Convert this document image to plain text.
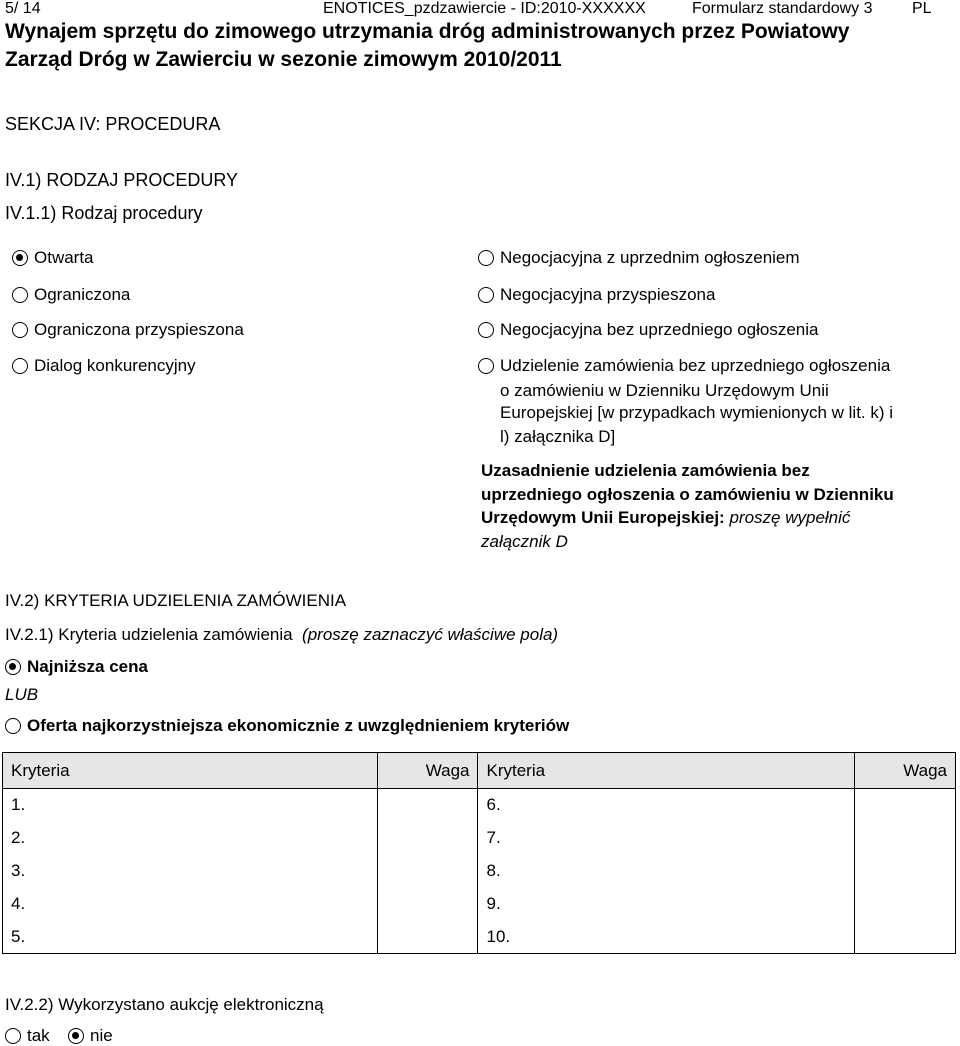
5/ 14	ENOTICES_pzdzawiercie - ID:2010-XXXXXX	Formularz standardowy 3 PL
Wynajem sprzętu do zimowego utrzymania dróg administrowanych przez Powiatowy
Zarząd Dróg w Zawierciu w sezonie zimowym 2010/2011
SEKCJA IV: PROCEDURA
IV.1) RODZAJ PROCEDURY
IV.1.1) Rodzaj procedury
Otwarta
Ograniczona
Ograniczona przyspieszona
Dialog konkurencyjny
Negocjacyjna z uprzednim ogłoszeniem
Negocjacyjna przyspieszona
Negocjacyjna bez uprzedniego ogłoszenia
Udzielenie zamówienia bez uprzedniego ogłoszenia
o zamówieniu w Dzienniku Urzędowym Unii
Europejskiej [w przypadkach wymienionych w lit. k) i
l) załącznika D]
Uzasadnienie udzielenia zamówienia bez
uprzedniego ogłoszenia o zamówieniu w Dzienniku
Urzędowym Unii Europejskiej: proszę wypełnić
załącznik D
IV.2) KRYTERIA UDZIELENIA ZAMÓWIENIA
IV.2.1) Kryteria udzielenia zamówienia (proszę zaznaczyć właściwe pola)
Najniższa cena
LUB
Oferta najkorzystniejsza ekonomicznie z uwzględnieniem kryteriów
Kryteria	Waga	Kryteria	Waga
1.		6.	
2.		7.	
3.		8.	
4.		9.	
5.		10.	
IV.2.2) Wykorzystano aukcję elektroniczną
tak nie
